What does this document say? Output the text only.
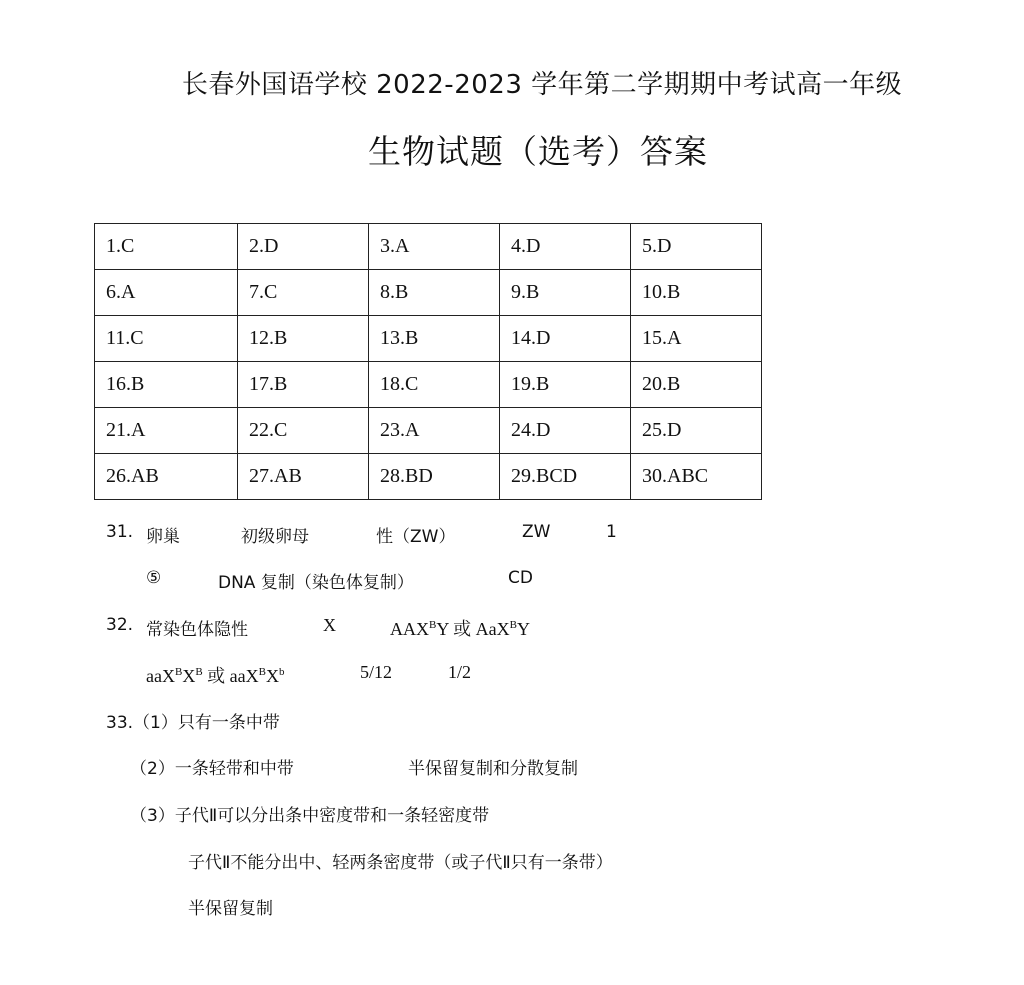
长春外国语学校 2022-2023 学年第二学期期中考试高一年级
生物试题（选考）答案
1.C	2.D	3.A	4.D	5.D
6.A	7.C	8.B	9.B	10.B
11.C	12.B	13.B	14.D	15.A
16.B	17.B	18.C	19.B	20.B
21.A	22.C	23.A	24.D	25.D
26.AB	27.AB	28.BD	29.BCD	30.ABC
31. 卵巢	初级卵母	性（ZW）	ZW	1
⑤	DNA 复制（染色体复制）	CD
32. 常染色体隐性	X	$AAX^BY$ 或 AaX$^B$Y
$aaX^BX^B$ 或 $aaX^BX^b$	5/12	1/2
33.（1）只有一条中带
（2）一条轻带和中带	半保留复制和分散复制
（3）子代Ⅱ可以分出条中密度带和一条轻密度带
子代Ⅱ不能分出中、轻两条密度带（或子代Ⅱ只有一条带）
半保留复制
